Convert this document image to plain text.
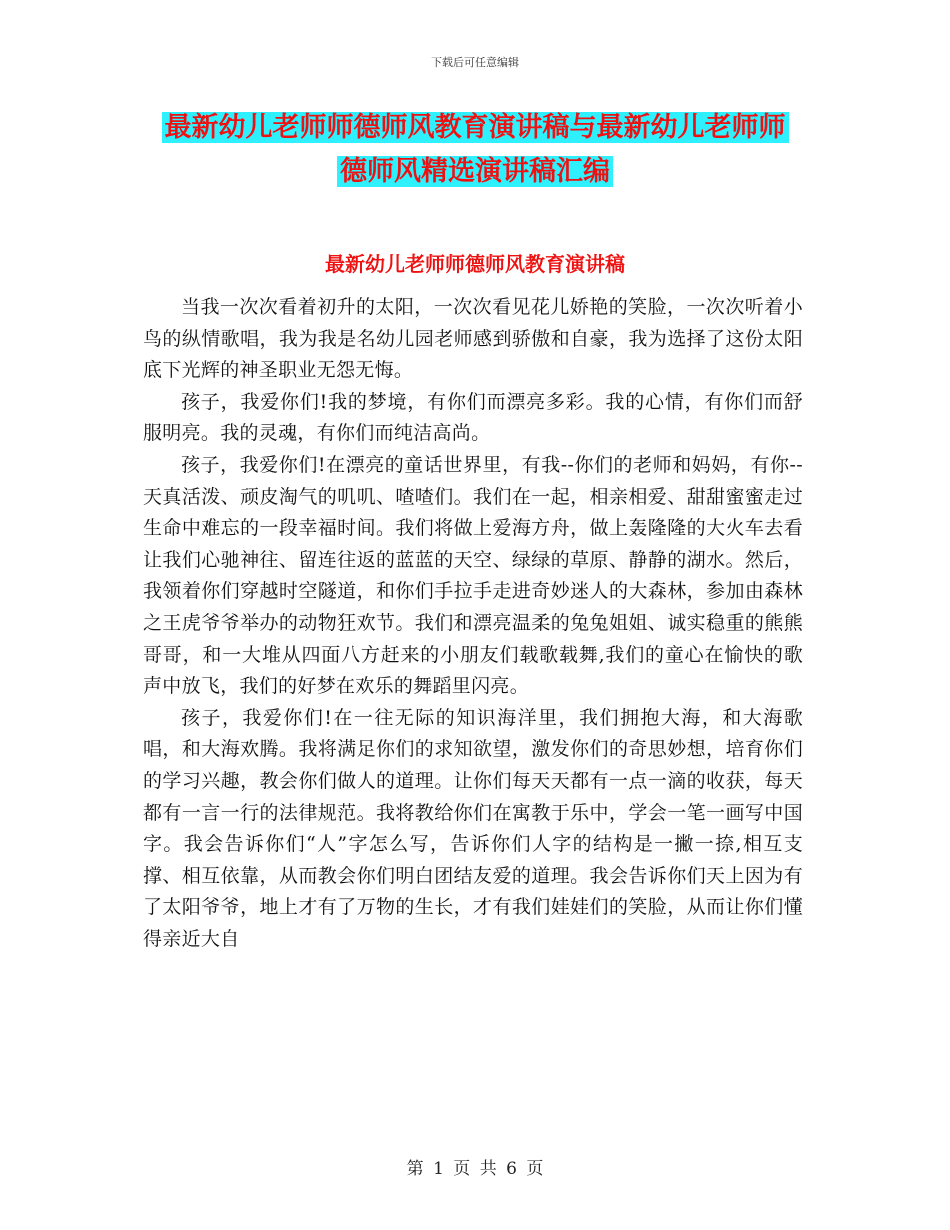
下载后可任意编辑
最新幼儿老师师德师风教育演讲稿与最新幼儿老师师
德师风精选演讲稿汇编
最新幼儿老师师德师风教育演讲稿

当我一次次看着初升的太阳，一次次看见花儿娇艳的笑脸，一次次听着小鸟的纵情歌唱，我为我是名幼儿园老师感到骄傲和自豪，我为选择了这份太阳底下光辉的神圣职业无怨无悔。

孩子，我爱你们!我的梦境，有你们而漂亮多彩。我的心情，有你们而舒服明亮。我的灵魂，有你们而纯洁高尚。

孩子，我爱你们!在漂亮的童话世界里，有我--你们的老师和妈妈，有你--天真活泼、顽皮淘气的叽叽、喳喳们。我们在一起，相亲相爱、甜甜蜜蜜走过生命中难忘的一段幸福时间。我们将做上爱海方舟，做上轰隆隆的大火车去看让我们心驰神往、留连往返的蓝蓝的天空、绿绿的草原、静静的湖水。然后，我领着你们穿越时空隧道，和你们手拉手走进奇妙迷人的大森林，参加由森林之王虎爷爷举办的动物狂欢节。我们和漂亮温柔的兔兔姐姐、诚实稳重的熊熊哥哥，和一大堆从四面八方赶来的小朋友们载歌载舞,我们的童心在愉快的歌声中放飞，我们的好梦在欢乐的舞蹈里闪亮。

孩子，我爱你们!在一往无际的知识海洋里，我们拥抱大海，和大海歌唱，和大海欢腾。我将满足你们的求知欲望，激发你们的奇思妙想，培育你们的学习兴趣，教会你们做人的道理。让你们每天天都有一点一滴的收获，每天都有一言一行的法律规范。我将教给你们在寓教于乐中，学会一笔一画写中国字。我会告诉你们“人”字怎么写，告诉你们人字的结构是一撇一捺,相互支撑、相互依靠，从而教会你们明白团结友爱的道理。我会告诉你们天上因为有了太阳爷爷，地上才有了万物的生长，才有我们娃娃们的笑脸，从而让你们懂得亲近大自

第 1 页 共 6 页
